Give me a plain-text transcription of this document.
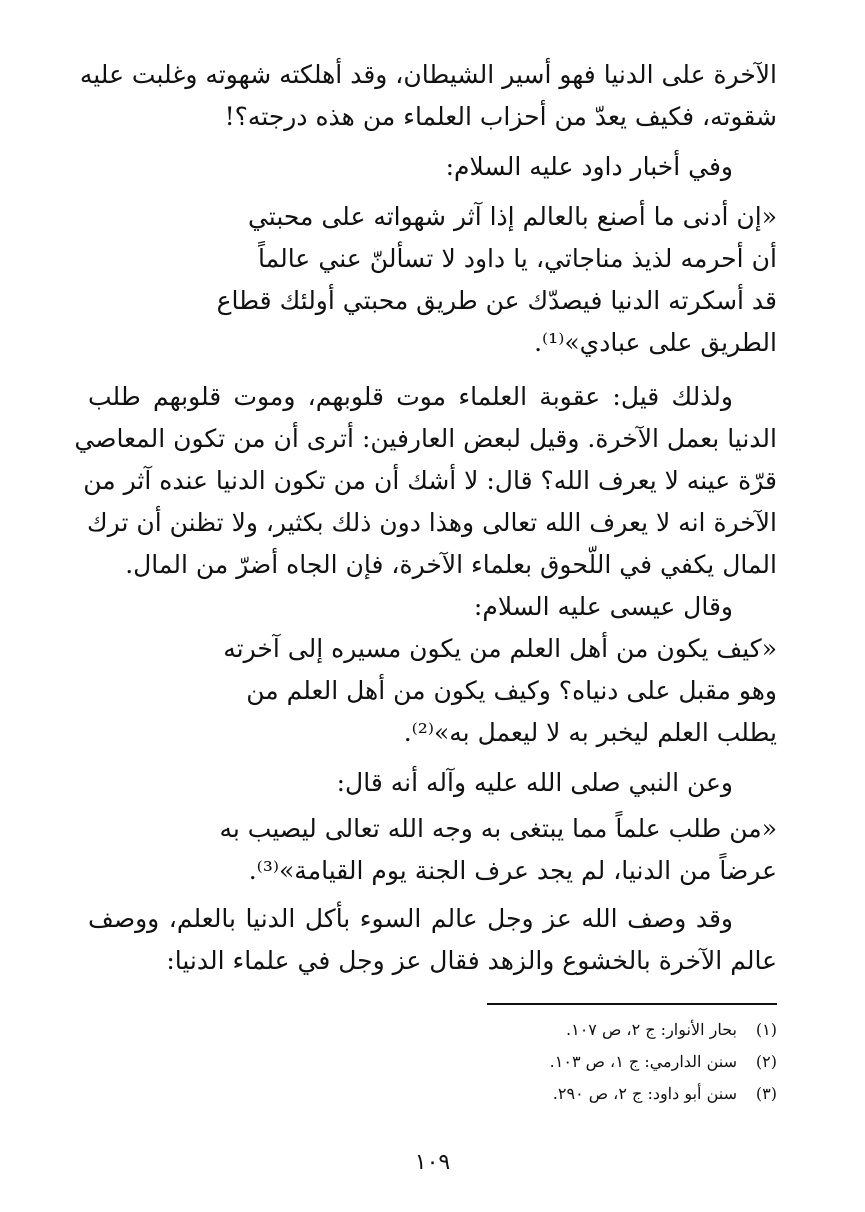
الآخرة على الدنيا فهو أسير الشيطان، وقد أهلكته شهوته وغلبت عليه
شقوته، فكيف يعدّ من أحزاب العلماء من هذه درجته؟!
وفي أخبار داود عليه السلام:
«إن أدنى ما أصنع بالعالم إذا آثر شهواته على محبتي
أن أحرمه لذيذ مناجاتي، يا داود لا تسألنّ عني عالماً
قد أسكرته الدنيا فيصدّك عن طريق محبتي أولئك قطاع
الطريق على عبادي»⁽¹⁾.
ولذلك قيل: عقوبة العلماء موت قلوبهم، وموت قلوبهم طلب
الدنيا بعمل الآخرة. وقيل لبعض العارفين: أترى أن من تكون المعاصي
قرّة عينه لا يعرف الله؟ قال: لا أشك أن من تكون الدنيا عنده آثر من
الآخرة انه لا يعرف الله تعالى وهذا دون ذلك بكثير، ولا تظنن أن ترك
المال يكفي في اللّحوق بعلماء الآخرة، فإن الجاه أضرّ من المال.
وقال عيسى عليه السلام:
«كيف يكون من أهل العلم من يكون مسيره إلى آخرته
وهو مقبل على دنياه؟ وكيف يكون من أهل العلم من
يطلب العلم ليخبر به لا ليعمل به»⁽²⁾.
وعن النبي صلى الله عليه وآله أنه قال:
«من طلب علماً مما يبتغى به وجه الله تعالى ليصيب به
عرضاً من الدنيا، لم يجد عرف الجنة يوم القيامة»⁽³⁾.
وقد وصف الله عز وجل عالم السوء بأكل الدنيا بالعلم، ووصف
عالم الآخرة بالخشوع والزهد فقال عز وجل في علماء الدنيا:
(١)بحار الأنوار: ج ٢، ص ١٠٧.
(٢)سنن الدارمي: ج ١، ص ١٠٣.
(٣)سنن أبو داود: ج ٢، ص ٢٩٠.
١٠٩
